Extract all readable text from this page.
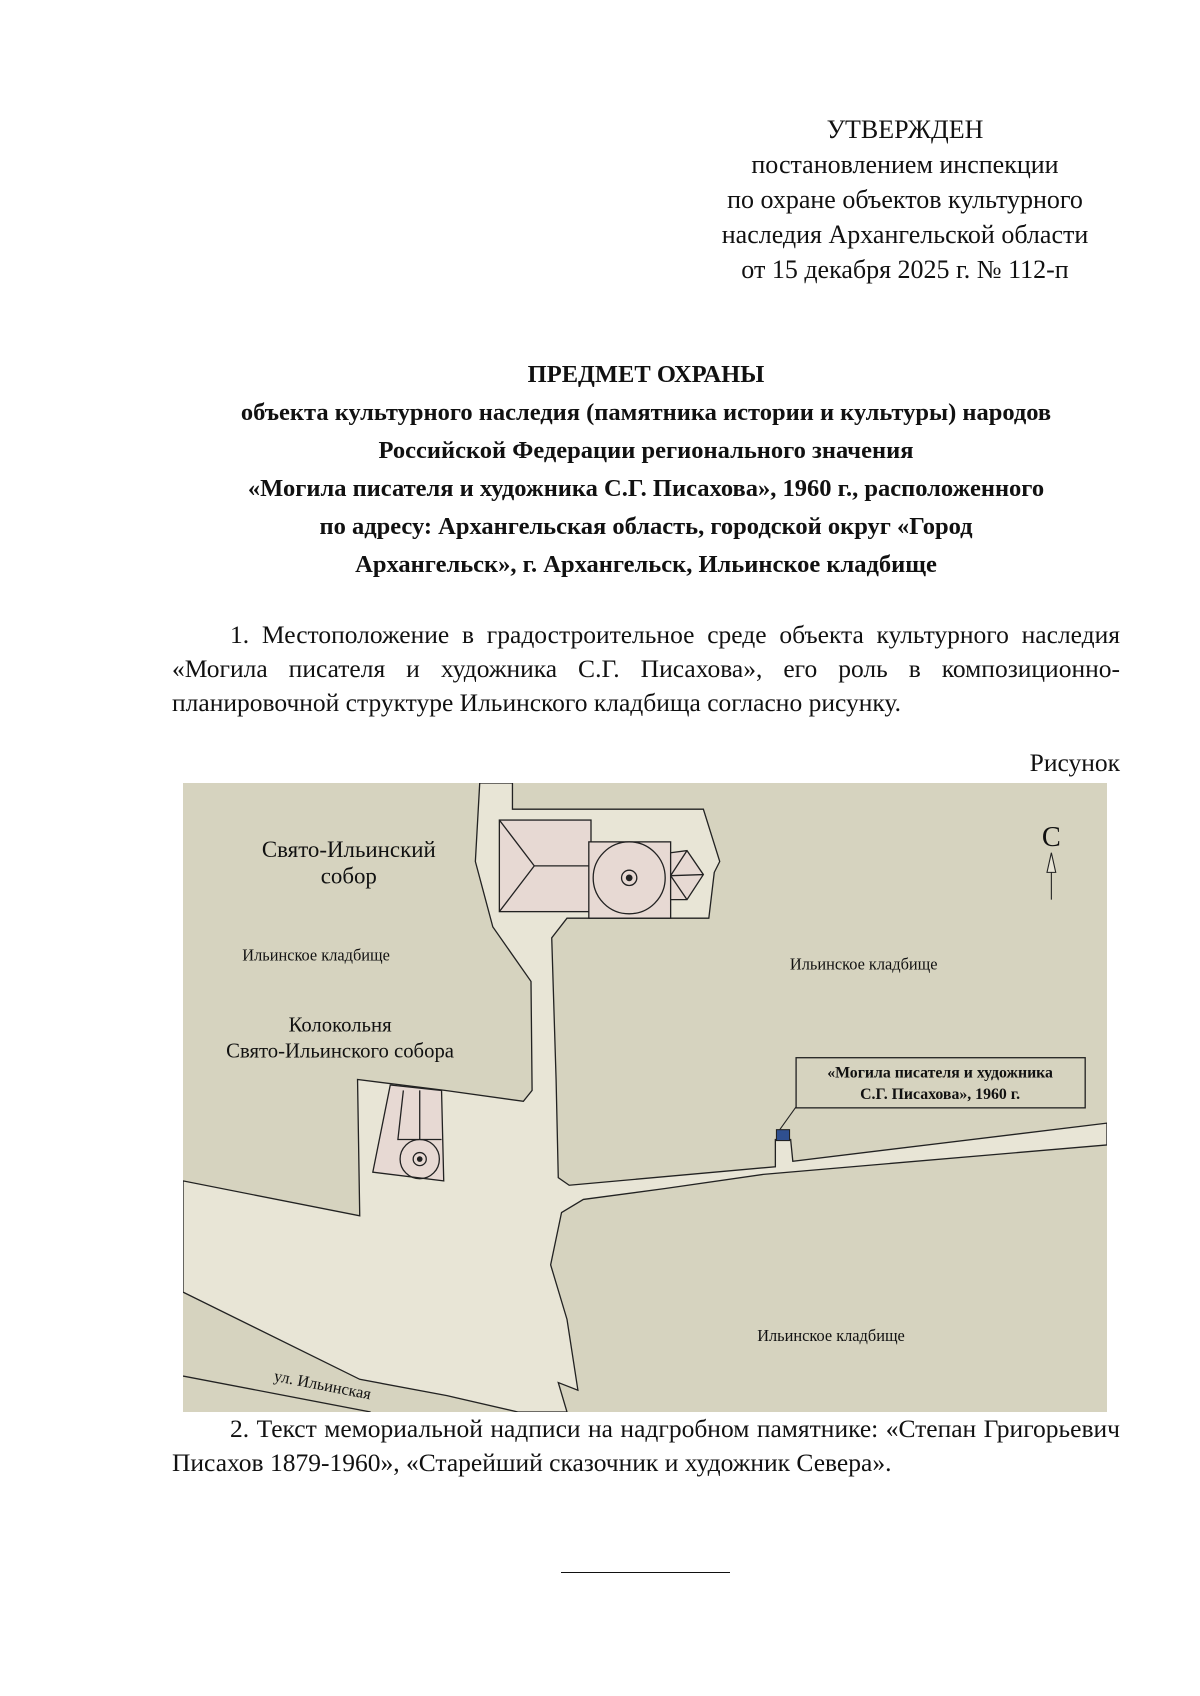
УТВЕРЖДЕН
постановлением инспекции
по охране объектов культурного
наследия Архангельской области
от 15 декабря 2025 г. № 112-п
ПРЕДМЕТ ОХРАНЫ
объекта культурного наследия (памятника истории и культуры) народов
Российской Федерации регионального значения
«Могила писателя и художника С.Г. Писахова», 1960 г., расположенного
по адресу: Архангельская область, городской округ «Город
Архангельск», г. Архангельск, Ильинское кладбище
1. Местоположение в градостроительное среде объекта культурного наследия «Могила писателя и художника С.Г. Писахова», его роль в композиционно-планировочной структуре Ильинского кладбища согласно рисунку.
Рисунок
«Могила писателя и художника
С.Г. Писахова», 1960 г.
Свято-Ильинский
собор
Ильинское кладбище	Ильинское кладбище
Ильинское кладбище
Колокольня
Свято-Ильинского собора
ул. Ильинская
С
2. Текст мемориальной надписи на надгробном памятнике: «Степан Григорьевич Писахов 1879-1960», «Старейший сказочник и художник Севера».
